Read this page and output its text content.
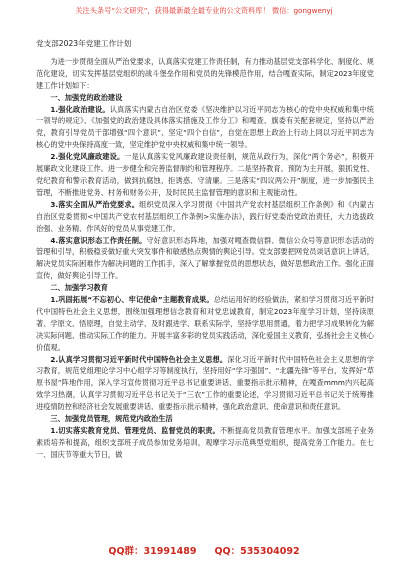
关注头条号“公文研究”，获得最新最全最专业的公文资料库！ 微信：gongwenyj
党支部2023年党建工作计划

为进一步贯彻全面从严治党要求，认真落实党建工作责任制，有力推动基层党支部科学化、制度化、规范化建设，切实发挥基层党组织的战斗堡垒作用和党员的先锋模范作用，结合嘎查实际，制定2023年度党建工作计划如下：

一、加强党的政治建设

1.强化政治建设。认真落实内蒙古自治区党委《坚决维护以习近平同志为核心的党中央权威和集中统一领导的规定》、《加强党的政治建设具体落实措施及工作分工》和嘎查、旗委有关配套规定，坚持以严治党，教育引导党员干部增强“四个意识”、坚定“四个自信”，自觉在思想上政治上行动上同以习近平同志为核心的党中央保持高度一致，坚定维护党中央权威和集中统一领导。

2.强化党风廉政建设。一是认真落实党风廉政建设责任制，规范从政行为，深化“两个务必”，积极开展廉政文化建设工作。进一步健全和完善监督制约和管理程序。二是坚持教育、预防为主开展，狠抓党性、党纪教育和警示教育活动，做到抗腐蚀、拒诱惑、守清廉。三是落实“四议两公开”制度，进一步加强民主管理，不断推进党务、村务和财务公开，及时民民主监督管理的意识和主观能动性。

3.落实全面从严治党要求。组织党员深入学习贯彻《中国共产党农村基层组织工作条例》和《内蒙古自治区党委贯彻<中国共产党农村基层组织工作条例>实施办法》，践行好党委治党政治责任，大力选拔政治强、业务精、作风好的党员从事党建工作。

4.落实意识形态工作责任制。守好意识形态阵地，加强对嘎查微信群、微信公众号等意识形态活动的管理和引导，积极稳妥做好重大突发事件和敏感热点舆情的舆论引导。党支部要把网党员谈话意识上讲话，解决党员实际困难作为解决问题的工作抓手，深入了解掌握党员的思想状态，做好思想政治工作。强化正面宣传，做好舆论引导工作。

二、加强学习教育

1.巩固拓展“不忘初心、牢记使命”主题教育成果。总结运用好的经验做法，紧扣学习贯彻习近平新时代中国特色社会主义思想，围绕加强理想信念教育和对党忠诚教育，制定2023年度学习计划，坚持读原著、学原文、悟原理，自觉主动学、及时跟进学、联系实际学，坚持学思用贯通，着力把学习成果转化为解决实际问题、推动实际工作的能力。开展丰富多彩的党员实践活动，深化爱国主义教育，弘扬社会主义核心价值观。

2.认真学习贯彻习近平新时代中国特色社会主义思想。深化习近平新时代中国特色社会主义思想的学习教育，规范党组理论学习中心组学习等制度执行，坚持用好“学习强国”、“北疆先锋”等平台，发挥好“草原书屋”阵地作用，深入学习宣传贯彻习近平总书记重要讲话、重要指示批示精神，在嘎查mmm内兴起高效学习热潮，认真学习贯彻习近平总书记关于“三农”工作的重要论述，学习贯彻习近平总书记关于统筹推进疫情防控和经济社会发展重要讲话、重要指示批示精神，强化政治意识、使命意识和责任意识。

三、加强党员管理，规范党内政治生活

1.切实落实教育党员、管理党员、监督党员的职责。不断提高党员教育管理水平。加强支部班子业务素质培养和提高，组织支部班子成员参加党务培训，观摩学习示范典型党组织，提高党务工作能力。在七一、国庆节等重大节日，做

QQ群：31991489 QQ：535304092
